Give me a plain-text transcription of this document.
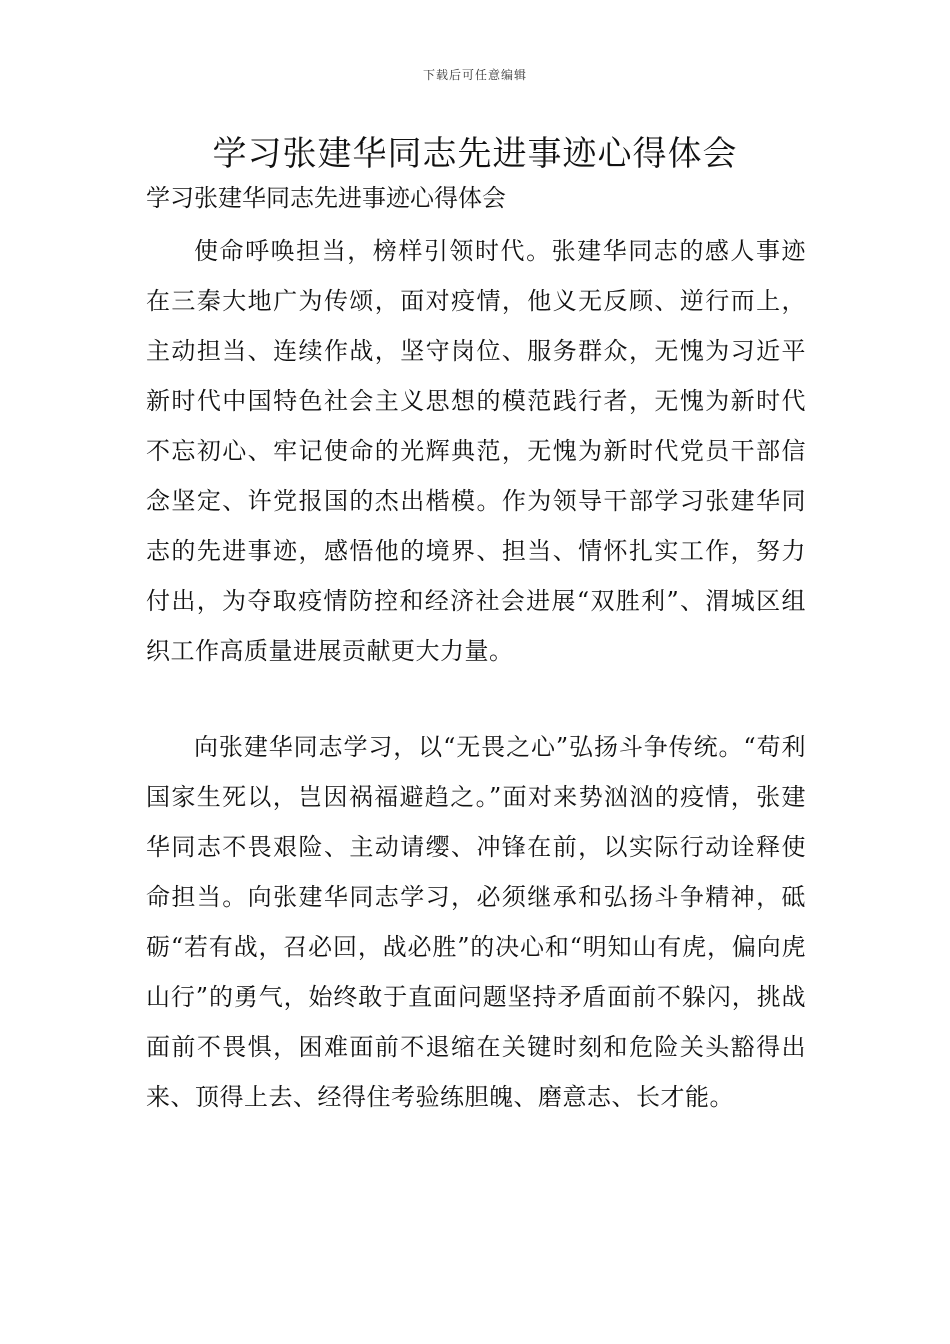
下载后可任意编辑
学习张建华同志先进事迹心得体会
学习张建华同志先进事迹心得体会

使命呼唤担当，榜样引领时代。张建华同志的感人事迹在三秦大地广为传颂，面对疫情，他义无反顾、逆行而上，主动担当、连续作战，坚守岗位、服务群众，无愧为习近平新时代中国特色社会主义思想的模范践行者，无愧为新时代不忘初心、牢记使命的光辉典范，无愧为新时代党员干部信念坚定、许党报国的杰出楷模。作为领导干部学习张建华同志的先进事迹，感悟他的境界、担当、情怀扎实工作，努力付出，为夺取疫情防控和经济社会进展“双胜利”、渭城区组织工作高质量进展贡献更大力量。

向张建华同志学习，以“无畏之心”弘扬斗争传统。“苟利国家生死以，岂因祸福避趋之。”面对来势汹汹的疫情，张建华同志不畏艰险、主动请缨、冲锋在前，以实际行动诠释使命担当。向张建华同志学习，必须继承和弘扬斗争精神，砥砺“若有战，召必回，战必胜”的决心和“明知山有虎，偏向虎山行”的勇气，始终敢于直面问题坚持矛盾面前不躲闪，挑战面前不畏惧，困难面前不退缩在关键时刻和危险关头豁得出来、顶得上去、经得住考验练胆魄、磨意志、长才能。
